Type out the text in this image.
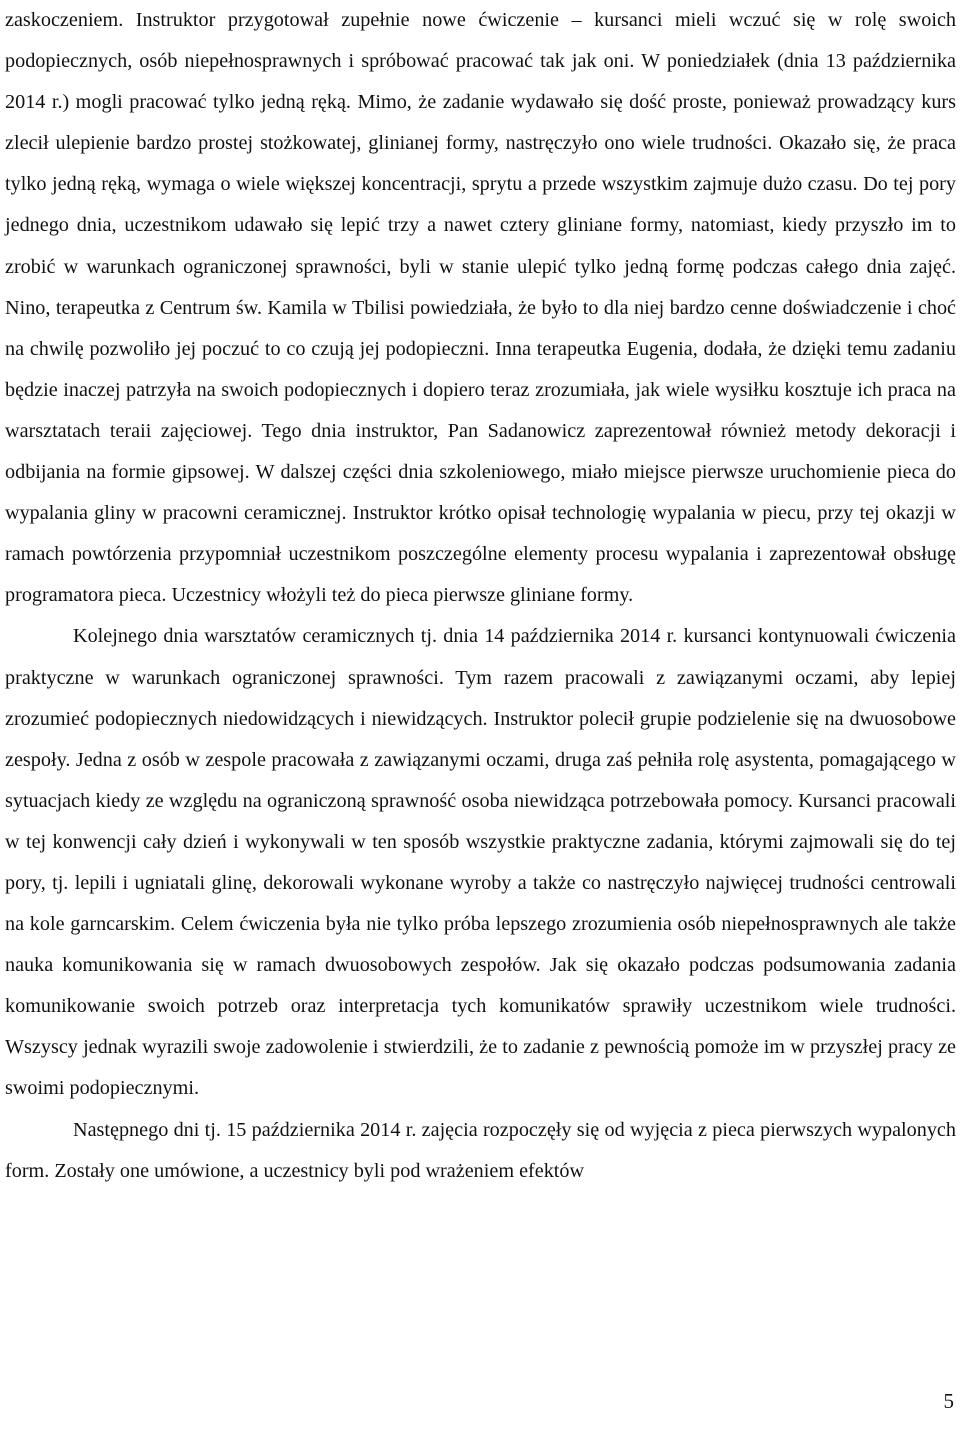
zaskoczeniem. Instruktor przygotował zupełnie nowe ćwiczenie – kursanci mieli wczuć się w rolę swoich podopiecznych, osób niepełnosprawnych i spróbować pracować tak jak oni. W poniedziałek (dnia 13 października 2014 r.) mogli pracować tylko jedną ręką. Mimo, że zadanie wydawało się dość proste, ponieważ prowadzący kurs zlecił ulepienie bardzo prostej stożkowatej, glinianej formy, nastręczyło ono wiele trudności. Okazało się, że praca tylko jedną ręką, wymaga o wiele większej koncentracji, sprytu a przede wszystkim zajmuje dużo czasu. Do tej pory jednego dnia, uczestnikom udawało się lepić trzy a nawet cztery gliniane formy, natomiast, kiedy przyszło im to zrobić w warunkach ograniczonej sprawności, byli w stanie ulepić tylko jedną formę podczas całego dnia zajęć. Nino, terapeutka z Centrum św. Kamila w Tbilisi powiedziała, że było to dla niej bardzo cenne doświadczenie i choć na chwilę pozwoliło jej poczuć to co czują jej podopieczni. Inna terapeutka Eugenia, dodała, że dzięki temu zadaniu będzie inaczej patrzyła na swoich podopiecznych i dopiero teraz zrozumiała, jak wiele wysiłku kosztuje ich praca na warsztatach teraii zajęciowej. Tego dnia instruktor, Pan Sadanowicz zaprezentował również metody dekoracji i odbijania na formie gipsowej. W dalszej części dnia szkoleniowego, miało miejsce pierwsze uruchomienie pieca do wypalania gliny w pracowni ceramicznej. Instruktor krótko opisał technologię wypalania w piecu, przy tej okazji w ramach powtórzenia przypomniał uczestnikom poszczególne elementy procesu wypalania i zaprezentował obsługę programatora pieca. Uczestnicy włożyli też do pieca pierwsze gliniane formy.

Kolejnego dnia warsztatów ceramicznych tj. dnia 14 października 2014 r. kursanci kontynuowali ćwiczenia praktyczne w warunkach ograniczonej sprawności. Tym razem pracowali z zawiązanymi oczami, aby lepiej zrozumieć podopiecznych niedowidzących i niewidzących. Instruktor polecił grupie podzielenie się na dwuosobowe zespoły. Jedna z osób w zespole pracowała z zawiązanymi oczami, druga zaś pełniła rolę asystenta, pomagającego w sytuacjach kiedy ze względu na ograniczoną sprawność osoba niewidząca potrzebowała pomocy. Kursanci pracowali w tej konwencji cały dzień i wykonywali w ten sposób wszystkie praktyczne zadania, którymi zajmowali się do tej pory, tj. lepili i ugniatali glinę, dekorowali wykonane wyroby a także co nastręczyło najwięcej trudności centrowali na kole garncarskim. Celem ćwiczenia była nie tylko próba lepszego zrozumienia osób niepełnosprawnych ale także nauka komunikowania się w ramach dwuosobowych zespołów. Jak się okazało podczas podsumowania zadania komunikowanie swoich potrzeb oraz interpretacja tych komunikatów sprawiły uczestnikom wiele trudności. Wszyscy jednak wyrazili swoje zadowolenie i stwierdzili, że to zadanie z pewnością pomoże im w przyszłej pracy ze swoimi podopiecznymi.

Następnego dni tj. 15 października 2014 r. zajęcia rozpoczęły się od wyjęcia z pieca pierwszych wypalonych form. Zostały one umówione, a uczestnicy byli pod wrażeniem efektów

5
